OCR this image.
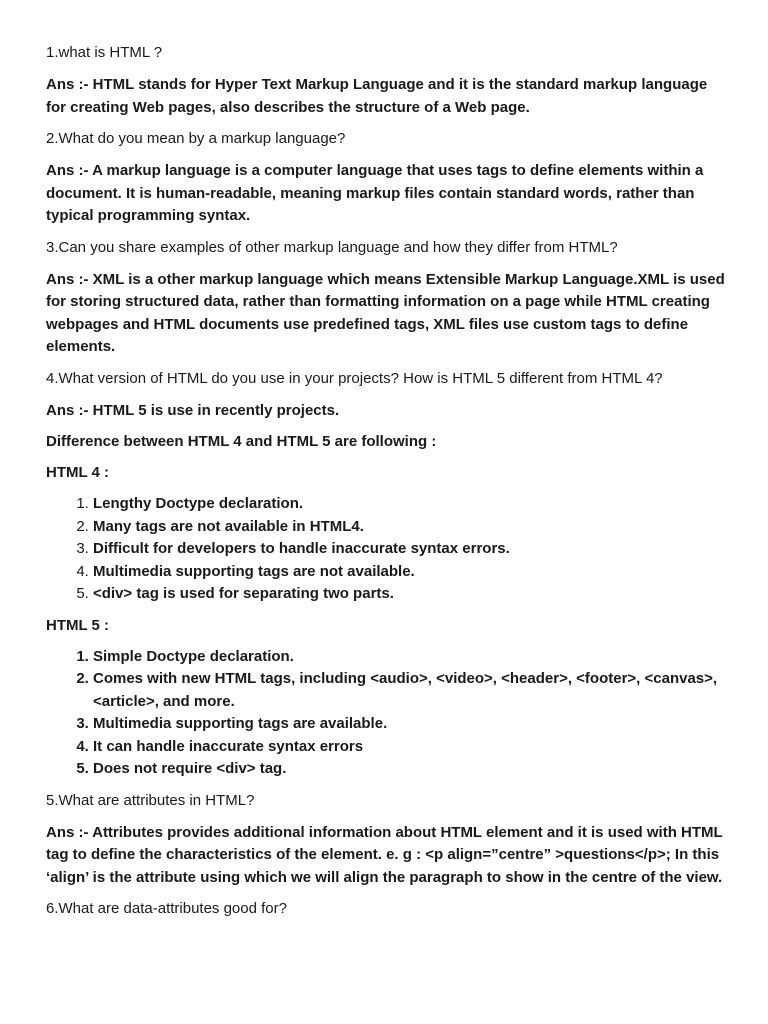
1.what is HTML ?

Ans :- HTML stands for Hyper Text Markup Language and it is the standard markup language for creating Web pages, also describes the structure of a Web page.

2.What do you mean by a markup language?

Ans :- A markup language is a computer language that uses tags to define elements within a document. It is human-readable, meaning markup files contain standard words, rather than typical programming syntax.

3.Can you share examples of other markup language and how they differ from HTML?

Ans :- XML is a other markup language which means Extensible Markup Language.XML is used for storing structured data, rather than formatting information on a page while HTML creating webpages and HTML documents use predefined tags, XML files use custom tags to define elements.

4.What version of HTML do you use in your projects? How is HTML 5 different from HTML 4?

Ans :- HTML 5 is use in recently projects.

Difference between HTML 4 and HTML 5 are following :

HTML 4 :

1. Lengthy Doctype declaration.
2. Many tags are not available in HTML4.
3. Difficult for developers to handle inaccurate syntax errors.
4. Multimedia supporting tags are not available.
5. <div> tag is used for separating two parts.

HTML 5 :

1. Simple Doctype declaration.
2. Comes with new HTML tags, including <audio>, <video>, <header>, <footer>, <canvas>, <article>, and more.
3. Multimedia supporting tags are available.
4. It can handle inaccurate syntax errors
5. Does not require <div> tag.

5.What are attributes in HTML?

Ans :- Attributes provides additional information about HTML element and it is used with HTML tag to define the characteristics of the element. e. g : <p align=”centre” >questions</p>; In this ‘align’ is the attribute using which we will align the paragraph to show in the centre of the view.

6.What are data-attributes good for?
